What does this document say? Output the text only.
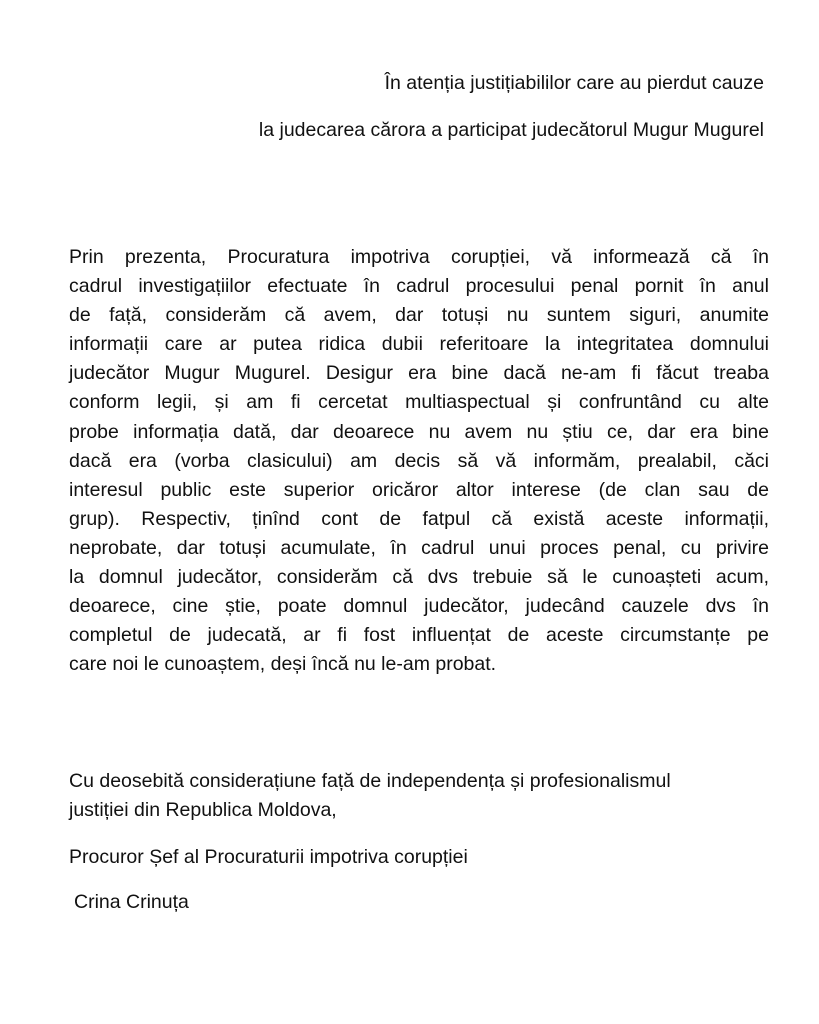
În atenția justițiabililor care au pierdut cauze
la judecarea cărora a participat judecătorul Mugur Mugurel
Prin prezenta, Procuratura impotriva corupției, vă informează că în
cadrul investigațiilor efectuate în cadrul procesului penal pornit în anul
de față, considerăm că avem, dar totuși nu suntem siguri, anumite
informații care ar putea ridica dubii referitoare la integritatea domnului
judecător Mugur Mugurel. Desigur era bine dacă ne-am fi făcut treaba
conform legii, și am fi cercetat multiaspectual și confruntând cu alte
probe informația dată, dar deoarece nu avem nu știu ce, dar era bine
dacă era (vorba clasicului) am decis să vă informăm, prealabil, căci
interesul public este superior oricăror altor interese (de clan sau de
grup). Respectiv, ținînd cont de fatpul că există aceste informații,
neprobate, dar totuși acumulate, în cadrul unui proces penal, cu privire
la domnul judecător, considerăm că dvs trebuie să le cunoașteti acum,
deoarece, cine știe, poate domnul judecător, judecând cauzele dvs în
completul de judecată, ar fi fost influențat de aceste circumstanțe pe
care noi le cunoaștem, deși încă nu le-am probat.
Cu deosebită considerațiune față de independența și profesionalismul
justiției din Republica Moldova,
Procuror Șef al Procuraturii impotriva corupției
Crina Crinuța
